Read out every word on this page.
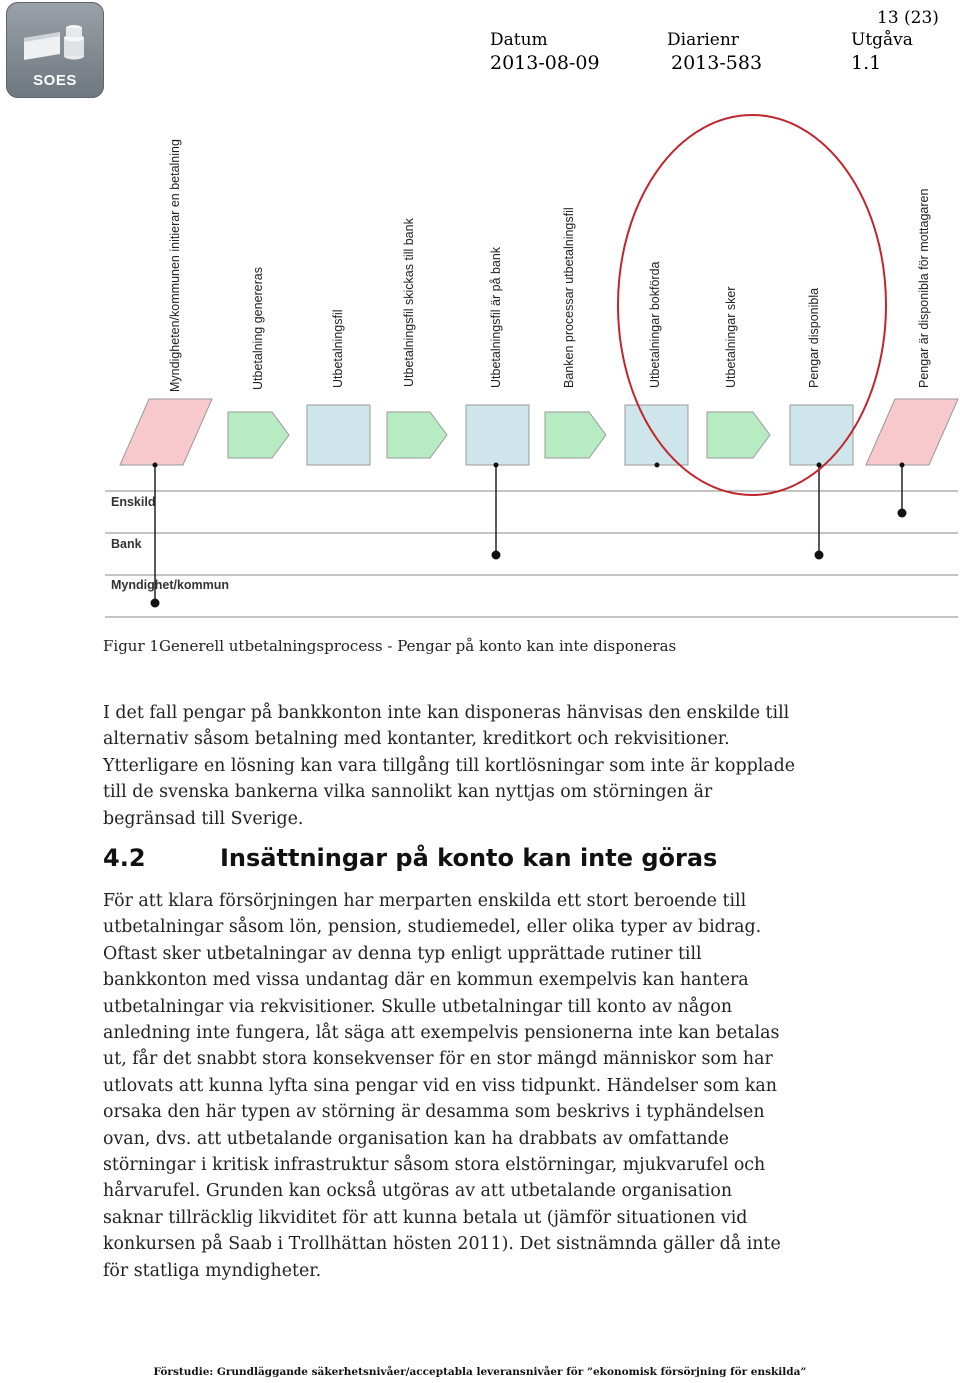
SOES
13 (23)
Datum	Diarienr	Utgåva
2013-08-09	2013-583	1.1
Myndigheten/kommunen initierar en betalning	Utbetalning genereras	Utbetalningsfil	Utbetalningsfil skickas till bank	Utbetalningsfil är på bank	Banken processar utbetalningsfil	Utbetalningar bokförda	Utbetalningar sker	Pengar disponibla	Pengar är disponibla för mottagaren
Enskild
Bank
Myndighet/kommun
Figur 1Generell utbetalningsprocess - Pengar på konto kan inte disponeras
I det fall pengar på bankkonton inte kan disponeras hänvisas den enskilde till alternativ såsom betalning med kontanter, kreditkort och rekvisitioner. Ytterligare en lösning kan vara tillgång till kortlösningar som inte är kopplade till de svenska bankerna vilka sannolikt kan nyttjas om störningen är begränsad till Sverige.
4.2	Insättningar på konto kan inte göras
För att klara försörjningen har merparten enskilda ett stort beroende till utbetalningar såsom lön, pension, studiemedel, eller olika typer av bidrag. Oftast sker utbetalningar av denna typ enligt upprättade rutiner till bankkonton med vissa undantag där en kommun exempelvis kan hantera utbetalningar via rekvisitioner. Skulle utbetalningar till konto av någon anledning inte fungera, låt säga att exempelvis pensionerna inte kan betalas ut, får det snabbt stora konsekvenser för en stor mängd människor som har utlovats att kunna lyfta sina pengar vid en viss tidpunkt. Händelser som kan orsaka den här typen av störning är desamma som beskrivs i typhändelsen ovan, dvs. att utbetalande organisation kan ha drabbats av omfattande störningar i kritisk infrastruktur såsom stora elstörningar, mjukvarufel och hårvarufel. Grunden kan också utgöras av att utbetalande organisation saknar tillräcklig likviditet för att kunna betala ut (jämför situationen vid konkursen på Saab i Trollhättan hösten 2011). Det sistnämnda gäller då inte för statliga myndigheter.
Förstudie: Grundläggande säkerhetsnivåer/acceptabla leveransnivåer för ”ekonomisk försörjning för enskilda”
